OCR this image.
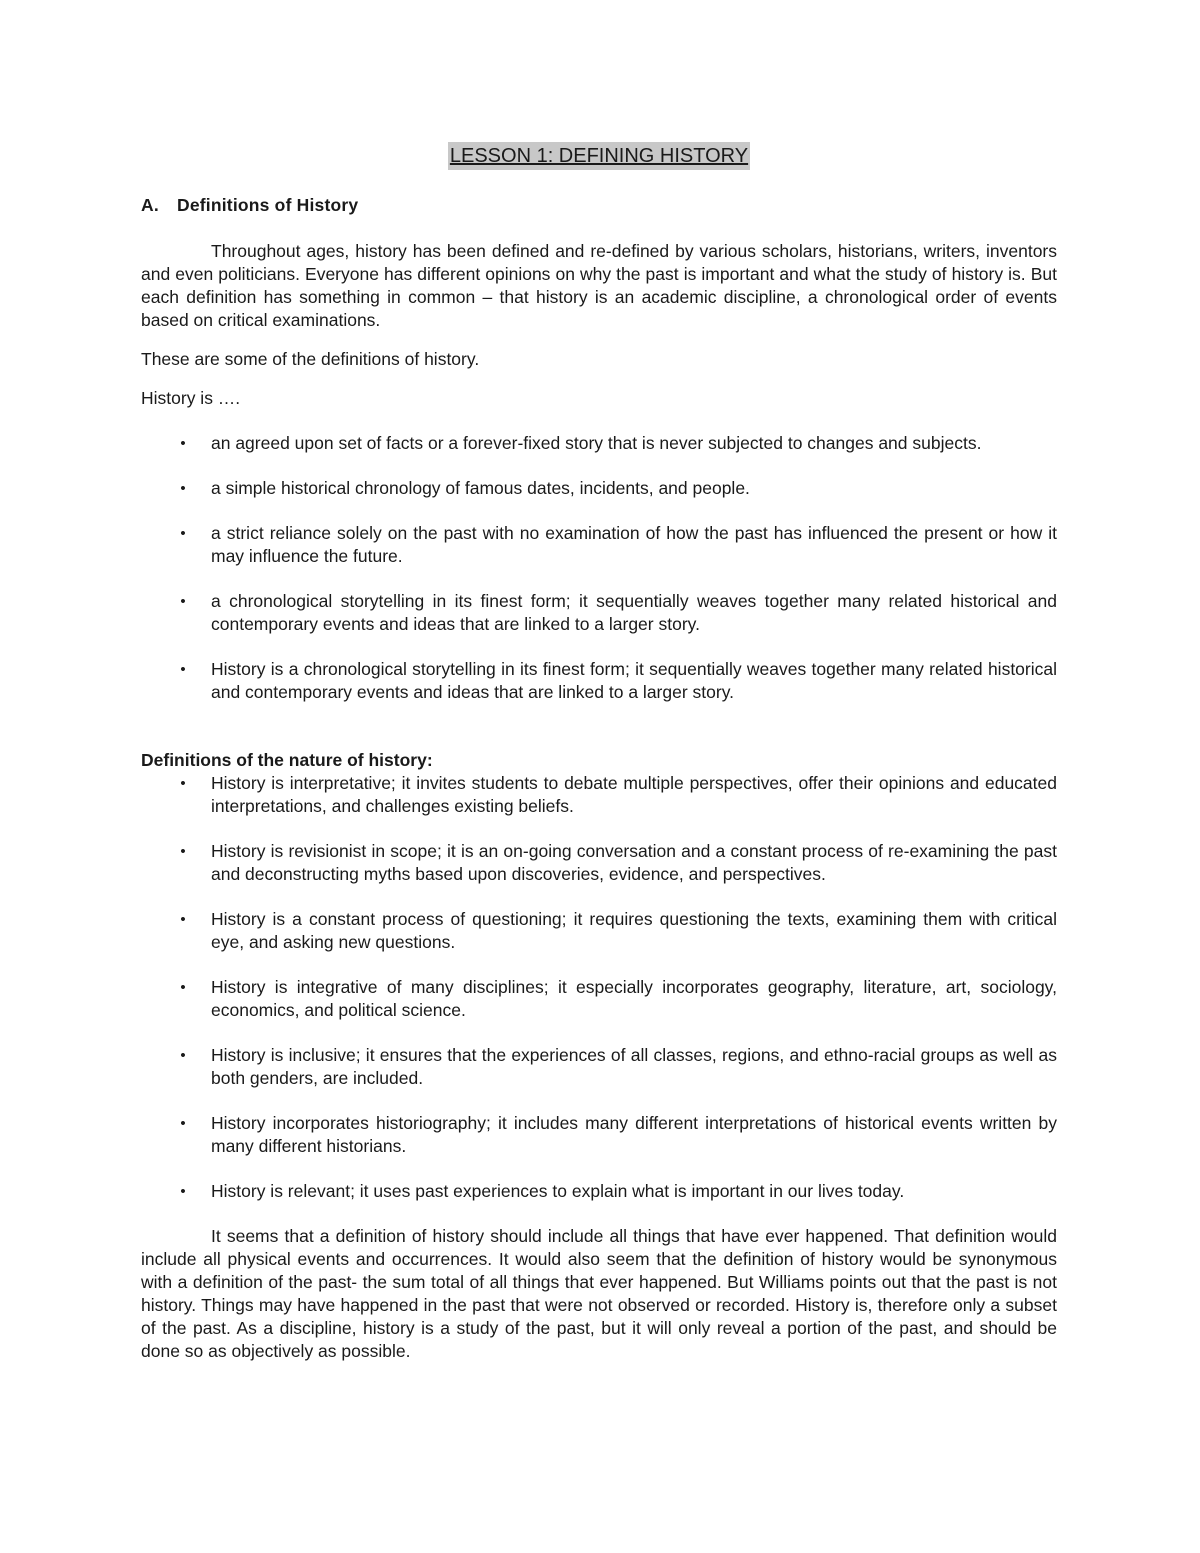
LESSON 1: DEFINING HISTORY
A. Definitions of History

Throughout ages, history has been defined and re-defined by various scholars, historians, writers, inventors and even politicians. Everyone has different opinions on why the past is important and what the study of history is. But each definition has something in common – that history is an academic discipline, a chronological order of events based on critical examinations.

These are some of the definitions of history.

History is ….

• an agreed upon set of facts or a forever-fixed story that is never subjected to changes and subjects.
• a simple historical chronology of famous dates, incidents, and people.
• a strict reliance solely on the past with no examination of how the past has influenced the present or how it may influence the future.
• a chronological storytelling in its finest form; it sequentially weaves together many related historical and contemporary events and ideas that are linked to a larger story.
• History is a chronological storytelling in its finest form; it sequentially weaves together many related historical and contemporary events and ideas that are linked to a larger story.

Definitions of the nature of history:

• History is interpretative; it invites students to debate multiple perspectives, offer their opinions and educated interpretations, and challenges existing beliefs.
• History is revisionist in scope; it is an on-going conversation and a constant process of re-examining the past and deconstructing myths based upon discoveries, evidence, and perspectives.
• History is a constant process of questioning; it requires questioning the texts, examining them with critical eye, and asking new questions.
• History is integrative of many disciplines; it especially incorporates geography, literature, art, sociology, economics, and political science.
• History is inclusive; it ensures that the experiences of all classes, regions, and ethno-racial groups as well as both genders, are included.
• History incorporates historiography; it includes many different interpretations of historical events written by many different historians.
• History is relevant; it uses past experiences to explain what is important in our lives today.

It seems that a definition of history should include all things that have ever happened. That definition would include all physical events and occurrences. It would also seem that the definition of history would be synonymous with a definition of the past- the sum total of all things that ever happened. But Williams points out that the past is not history. Things may have happened in the past that were not observed or recorded. History is, therefore only a subset of the past. As a discipline, history is a study of the past, but it will only reveal a portion of the past, and should be done so as objectively as possible.
